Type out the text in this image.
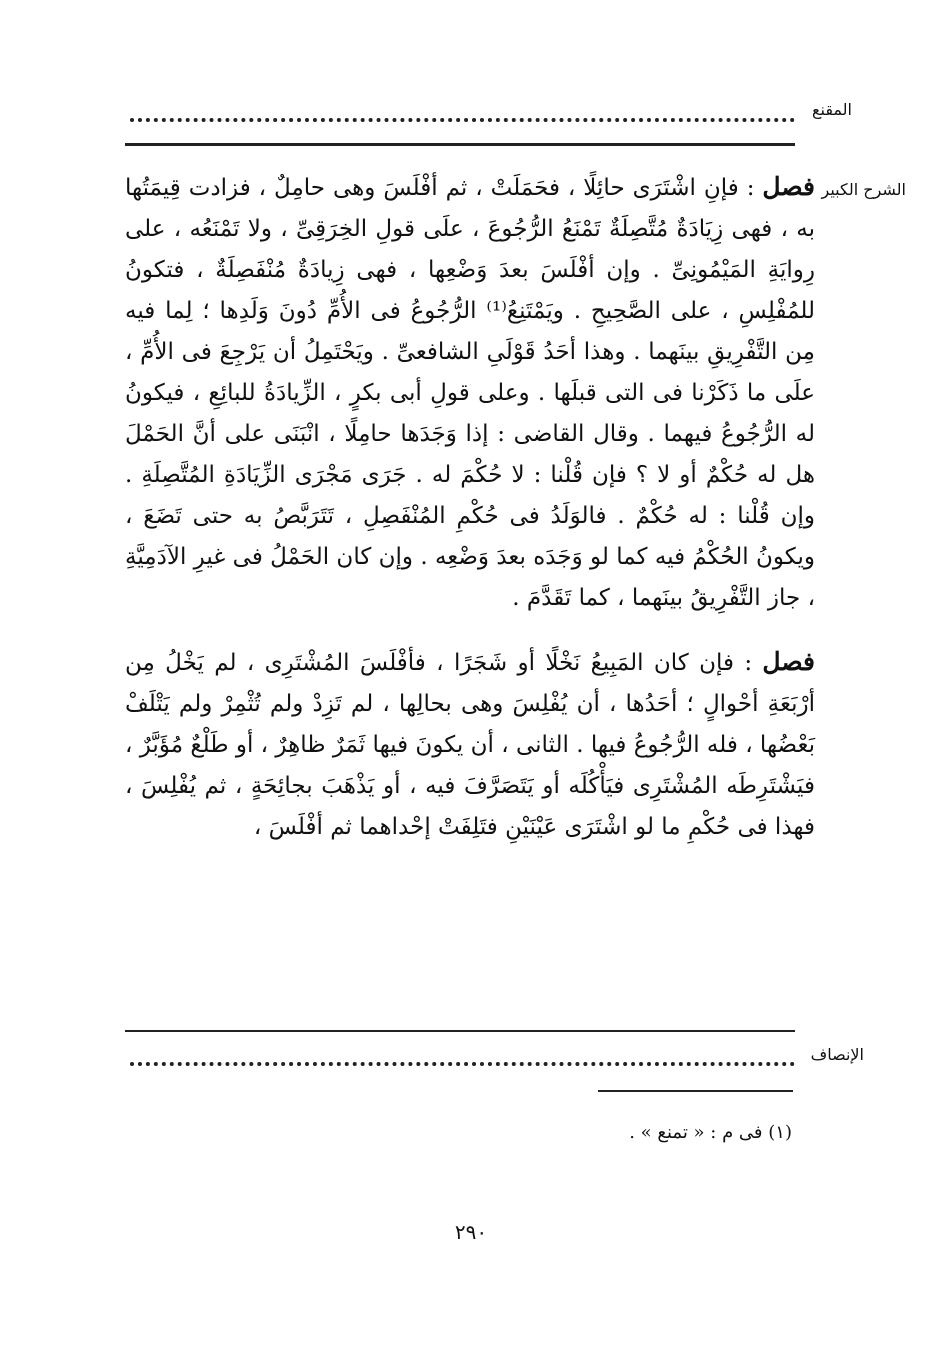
المقنع
الشرح الكبير

فصل : فإنِ اشْتَرَى حائِلًا ، فحَمَلَتْ ، ثم أفْلَسَ وهى حامِلٌ ، فزادت قِيمَتُها به ، فهى زِيَادَةٌ مُتَّصِلَةٌ تَمْنَعُ الرُّجُوعَ ، علَى قولِ الخِرَقِىِّ ، ولا تَمْنَعُه ، على رِوايَةِ المَيْمُونِىِّ . وإن أفْلَسَ بعدَ وَضْعِها ، فهى زِيادَةٌ مُنْفَصِلَةٌ ، فتكونُ للمُفْلِسِ ، على الصَّحِيحِ . ويَمْتَنِعُ⁽¹⁾ الرُّجُوعُ فى الأُمِّ دُونَ وَلَدِها ؛ لِما فيه مِن التَّفْرِيقِ بينَهما . وهذا أحَدُ قَوْلَىِ الشافعىِّ . ويَحْتَمِلُ أن يَرْجِعَ فى الأُمِّ ، علَى ما ذَكَرْنا فى التى قبلَها . وعلى قولِ أبى بكرٍ ، الزِّيادَةُ للبائِعِ ، فيكونُ له الرُّجُوعُ فيهما . وقال القاضى : إذا وَجَدَها حامِلًا ، انْبَنَى على أنَّ الحَمْلَ هل له حُكْمٌ أو لا ؟ فإن قُلْنا : لا حُكْمَ له . جَرَى مَجْرَى الزِّيَادَةِ المُتَّصِلَةِ . وإن قُلْنا : له حُكْمٌ . فالوَلَدُ فى حُكْمِ المُنْفَصِلِ ، تَتَرَبَّصُ به حتى تَضَعَ ، ويكونُ الحُكْمُ فيه كما لو وَجَدَه بعدَ وَضْعِه . وإن كان الحَمْلُ فى غيرِ الآدَمِيَّةِ ، جاز التَّفْرِيقُ بينَهما ، كما تَقَدَّمَ .

فصل : فإن كان المَبِيعُ نَخْلًا أو شَجَرًا ، فأفْلَسَ المُشْتَرِى ، لم يَخْلُ مِن أرْبَعَةِ أحْوالٍ ؛ أحَدُها ، أن يُفْلِسَ وهى بحالِها ، لم تَزِدْ ولم تُثْمِرْ ولم يَتْلَفْ بَعْضُها ، فله الرُّجُوعُ فيها . الثانى ، أن يكونَ فيها ثَمَرٌ ظاهِرٌ ، أو طَلْعٌ مُؤَبَّرٌ ، فيَشْتَرِطَه المُشْتَرِى فيَأْكُلَه أو يَتَصَرَّفَ فيه ، أو يَذْهَبَ بجائِحَةٍ ، ثم يُفْلِسَ ، فهذا فى حُكْمِ ما لو اشْتَرَى عَيْنَيْنِ فتَلِفَتْ إحْداهما ثم أفْلَسَ ،

الإنصاف
(١) فى م : « تمنع » .
٢٩٠
